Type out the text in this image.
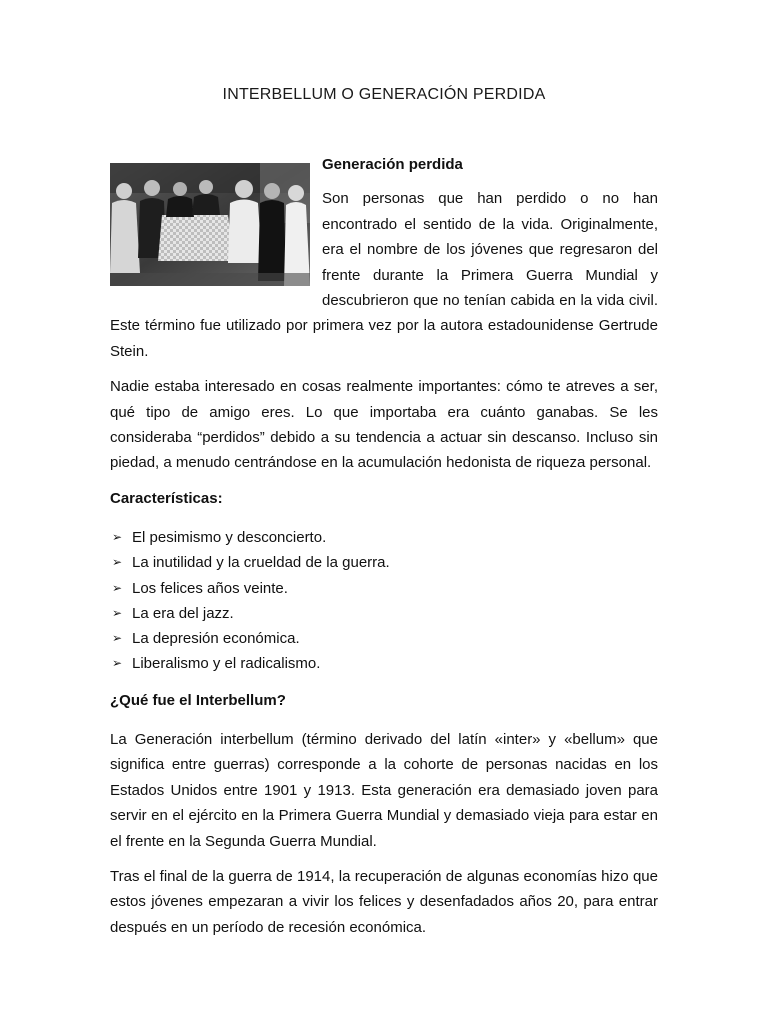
INTERBELLUM O GENERACIÓN PERDIDA
Generación perdida

Son personas que han perdido o no han encontrado el sentido de la vida. Originalmente, era el nombre de los jóvenes que regresaron del frente durante la Primera Guerra Mundial y descubrieron que no tenían cabida en la vida civil. Este término fue utilizado por primera vez por la autora estadounidense Gertrude Stein.

Nadie estaba interesado en cosas realmente importantes: cómo te atreves a ser, qué tipo de amigo eres. Lo que importaba era cuánto ganabas. Se les consideraba “perdidos” debido a su tendencia a actuar sin descanso. Incluso sin piedad, a menudo centrándose en la acumulación hedonista de riqueza personal.

Características:
➢ El pesimismo y desconcierto.
➢ La inutilidad y la crueldad de la guerra.
➢ Los felices años veinte.
➢ La era del jazz.
➢ La depresión económica.
➢ Liberalismo y el radicalismo.
¿Qué fue el Interbellum?

La Generación interbellum (término derivado del latín «inter» y «bellum» que significa entre guerras) corresponde a la cohorte de personas nacidas en los Estados Unidos entre 1901 y 1913. Esta generación era demasiado joven para servir en el ejército en la Primera Guerra Mundial y demasiado vieja para estar en el frente en la Segunda Guerra Mundial.

Tras el final de la guerra de 1914, la recuperación de algunas economías hizo que estos jóvenes empezaran a vivir los felices y desenfadados años 20, para entrar después en un período de recesión económica.
